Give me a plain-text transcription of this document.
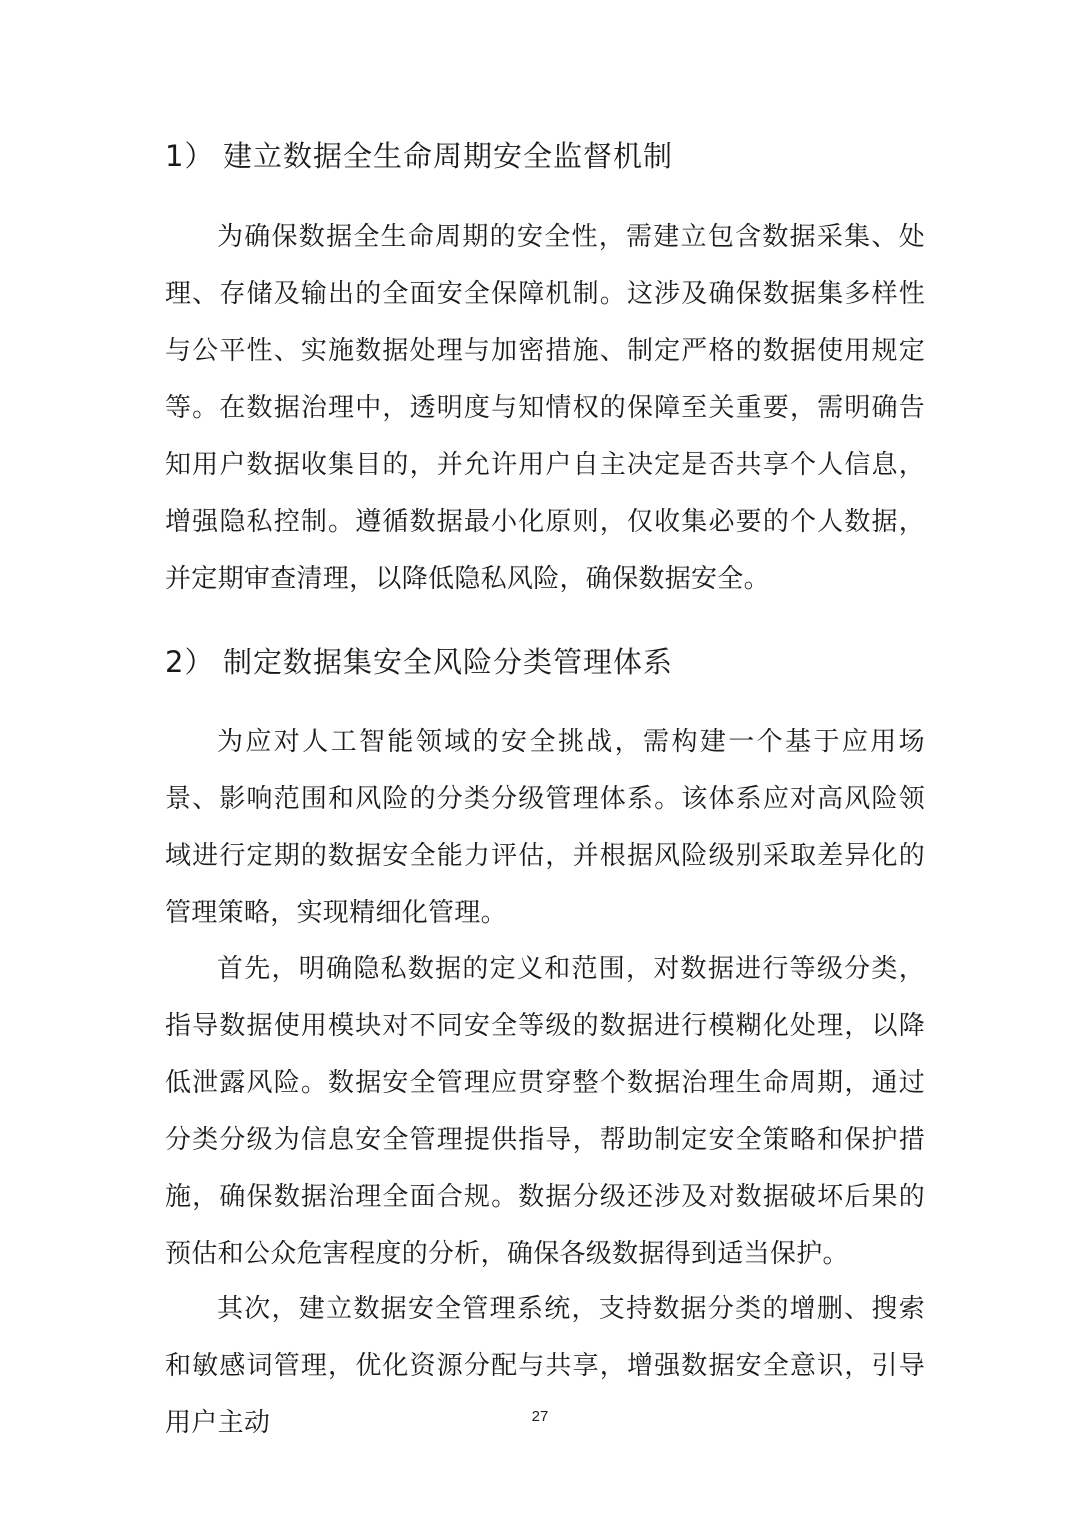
1） 建立数据全生命周期安全监督机制

为确保数据全生命周期的安全性，需建立包含数据采集、处理、存储及输出的全面安全保障机制。这涉及确保数据集多样性与公平性、实施数据处理与加密措施、制定严格的数据使用规定等。在数据治理中，透明度与知情权的保障至关重要，需明确告知用户数据收集目的，并允许用户自主决定是否共享个人信息，增强隐私控制。遵循数据最小化原则，仅收集必要的个人数据，并定期审查清理，以降低隐私风险，确保数据安全。

2） 制定数据集安全风险分类管理体系

为应对人工智能领域的安全挑战，需构建一个基于应用场景、影响范围和风险的分类分级管理体系。该体系应对高风险领域进行定期的数据安全能力评估，并根据风险级别采取差异化的管理策略，实现精细化管理。

首先，明确隐私数据的定义和范围，对数据进行等级分类，指导数据使用模块对不同安全等级的数据进行模糊化处理，以降低泄露风险。数据安全管理应贯穿整个数据治理生命周期，通过分类分级为信息安全管理提供指导，帮助制定安全策略和保护措施，确保数据治理全面合规。数据分级还涉及对数据破坏后果的预估和公众危害程度的分析，确保各级数据得到适当保护。

其次，建立数据安全管理系统，支持数据分类的增删、搜索和敏感词管理，优化资源分配与共享，增强数据安全意识，引导用户主动	27
